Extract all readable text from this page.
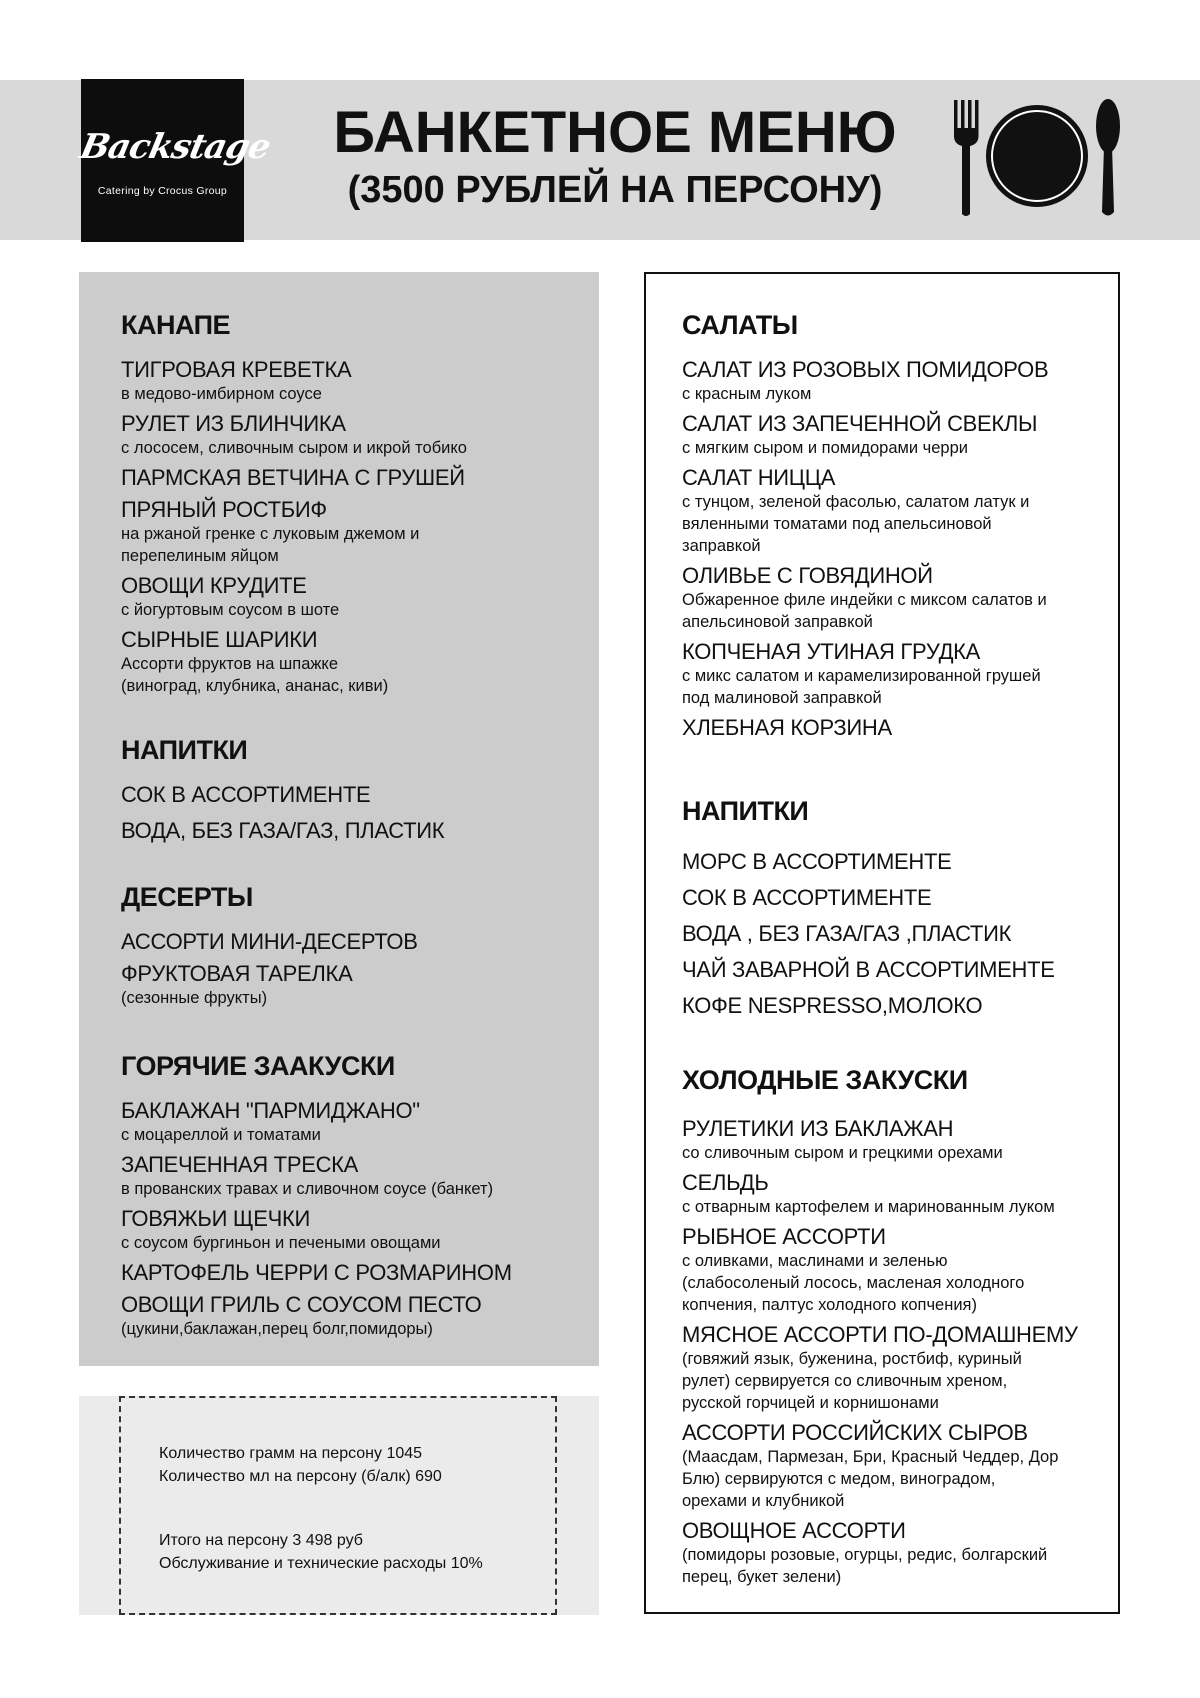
Backstage
Catering by Crocus Group
БАНКЕТНОЕ МЕНЮ
(3500 РУБЛЕЙ НА ПЕРСОНУ)
КАНАПЕ
ТИГРОВАЯ КРЕВЕТКА
в медово-имбирном соусе
РУЛЕТ ИЗ БЛИНЧИКА
с лососем, сливочным сыром и икрой тобико
ПАРМСКАЯ ВЕТЧИНА С ГРУШЕЙ
ПРЯНЫЙ РОСТБИФ
на ржаной гренке с луковым джемом и
перепелиным яйцом
ОВОЩИ КРУДИТЕ
с йогуртовым соусом в шоте
СЫРНЫЕ ШАРИКИ
Ассорти фруктов на шпажке
(виноград, клубника, ананас, киви)
НАПИТКИ
СОК В АССОРТИМЕНТЕ
ВОДА, БЕЗ ГАЗА/ГАЗ, ПЛАСТИК
ДЕСЕРТЫ
АССОРТИ МИНИ-ДЕСЕРТОВ
ФРУКТОВАЯ ТАРЕЛКА
(сезонные фрукты)
ГОРЯЧИЕ ЗААКУСКИ
БАКЛАЖАН "ПАРМИДЖАНО"
с моцареллой и томатами
ЗАПЕЧЕННАЯ ТРЕСКА
в прованских травах и сливочном соусе (банкет)
ГОВЯЖЬИ ЩЕЧКИ
с соусом бургиньон и печеными овощами
КАРТОФЕЛЬ ЧЕРРИ С РОЗМАРИНОМ
ОВОЩИ ГРИЛЬ С СОУСОМ ПЕСТО
(цукини,баклажан,перец болг,помидоры)
Количество грамм на персону 1045
Количество мл на персону (б/алк) 690
Итого на персону 3 498 руб
Обслуживание и технические расходы 10%
САЛАТЫ
САЛАТ ИЗ РОЗОВЫХ ПОМИДОРОВ
с красным луком
САЛАТ ИЗ ЗАПЕЧЕННОЙ СВЕКЛЫ
с мягким сыром и помидорами черри
САЛАТ НИЦЦА
с тунцом, зеленой фасолью, салатом латук и
вяленными томатами под апельсиновой
заправкой
ОЛИВЬЕ С ГОВЯДИНОЙ
Обжаренное филе индейки с миксом салатов и
апельсиновой заправкой
КОПЧЕНАЯ УТИНАЯ ГРУДКА
с микс салатом и карамелизированной грушей
под малиновой заправкой
ХЛЕБНАЯ КОРЗИНА
НАПИТКИ
МОРС В АССОРТИМЕНТЕ
СОК В АССОРТИМЕНТЕ
ВОДА , БЕЗ ГАЗА/ГАЗ ,ПЛАСТИК
ЧАЙ ЗАВАРНОЙ В АССОРТИМЕНТЕ
КОФЕ NESPRESSO,МОЛОКО
ХОЛОДНЫЕ ЗАКУСКИ
РУЛЕТИКИ ИЗ БАКЛАЖАН
со сливочным сыром и грецкими орехами
СЕЛЬДЬ
с отварным картофелем и маринованным луком
РЫБНОЕ АССОРТИ
с оливками, маслинами и зеленью
(слабосоленый лосось, масленая холодного
копчения, палтус холодного копчения)
МЯСНОЕ АССОРТИ ПО-ДОМАШНЕМУ
(говяжий язык, буженина, ростбиф, куриный
рулет) сервируется со сливочным хреном,
русской горчицей и корнишонами
АССОРТИ РОССИЙСКИХ СЫРОВ
(Маасдам, Пармезан, Бри, Красный Чеддер, Дор
Блю) сервируются с медом, виноградом,
орехами и клубникой
ОВОЩНОЕ АССОРТИ
(помидоры розовые, огурцы, редис, болгарский
перец, букет зелени)
